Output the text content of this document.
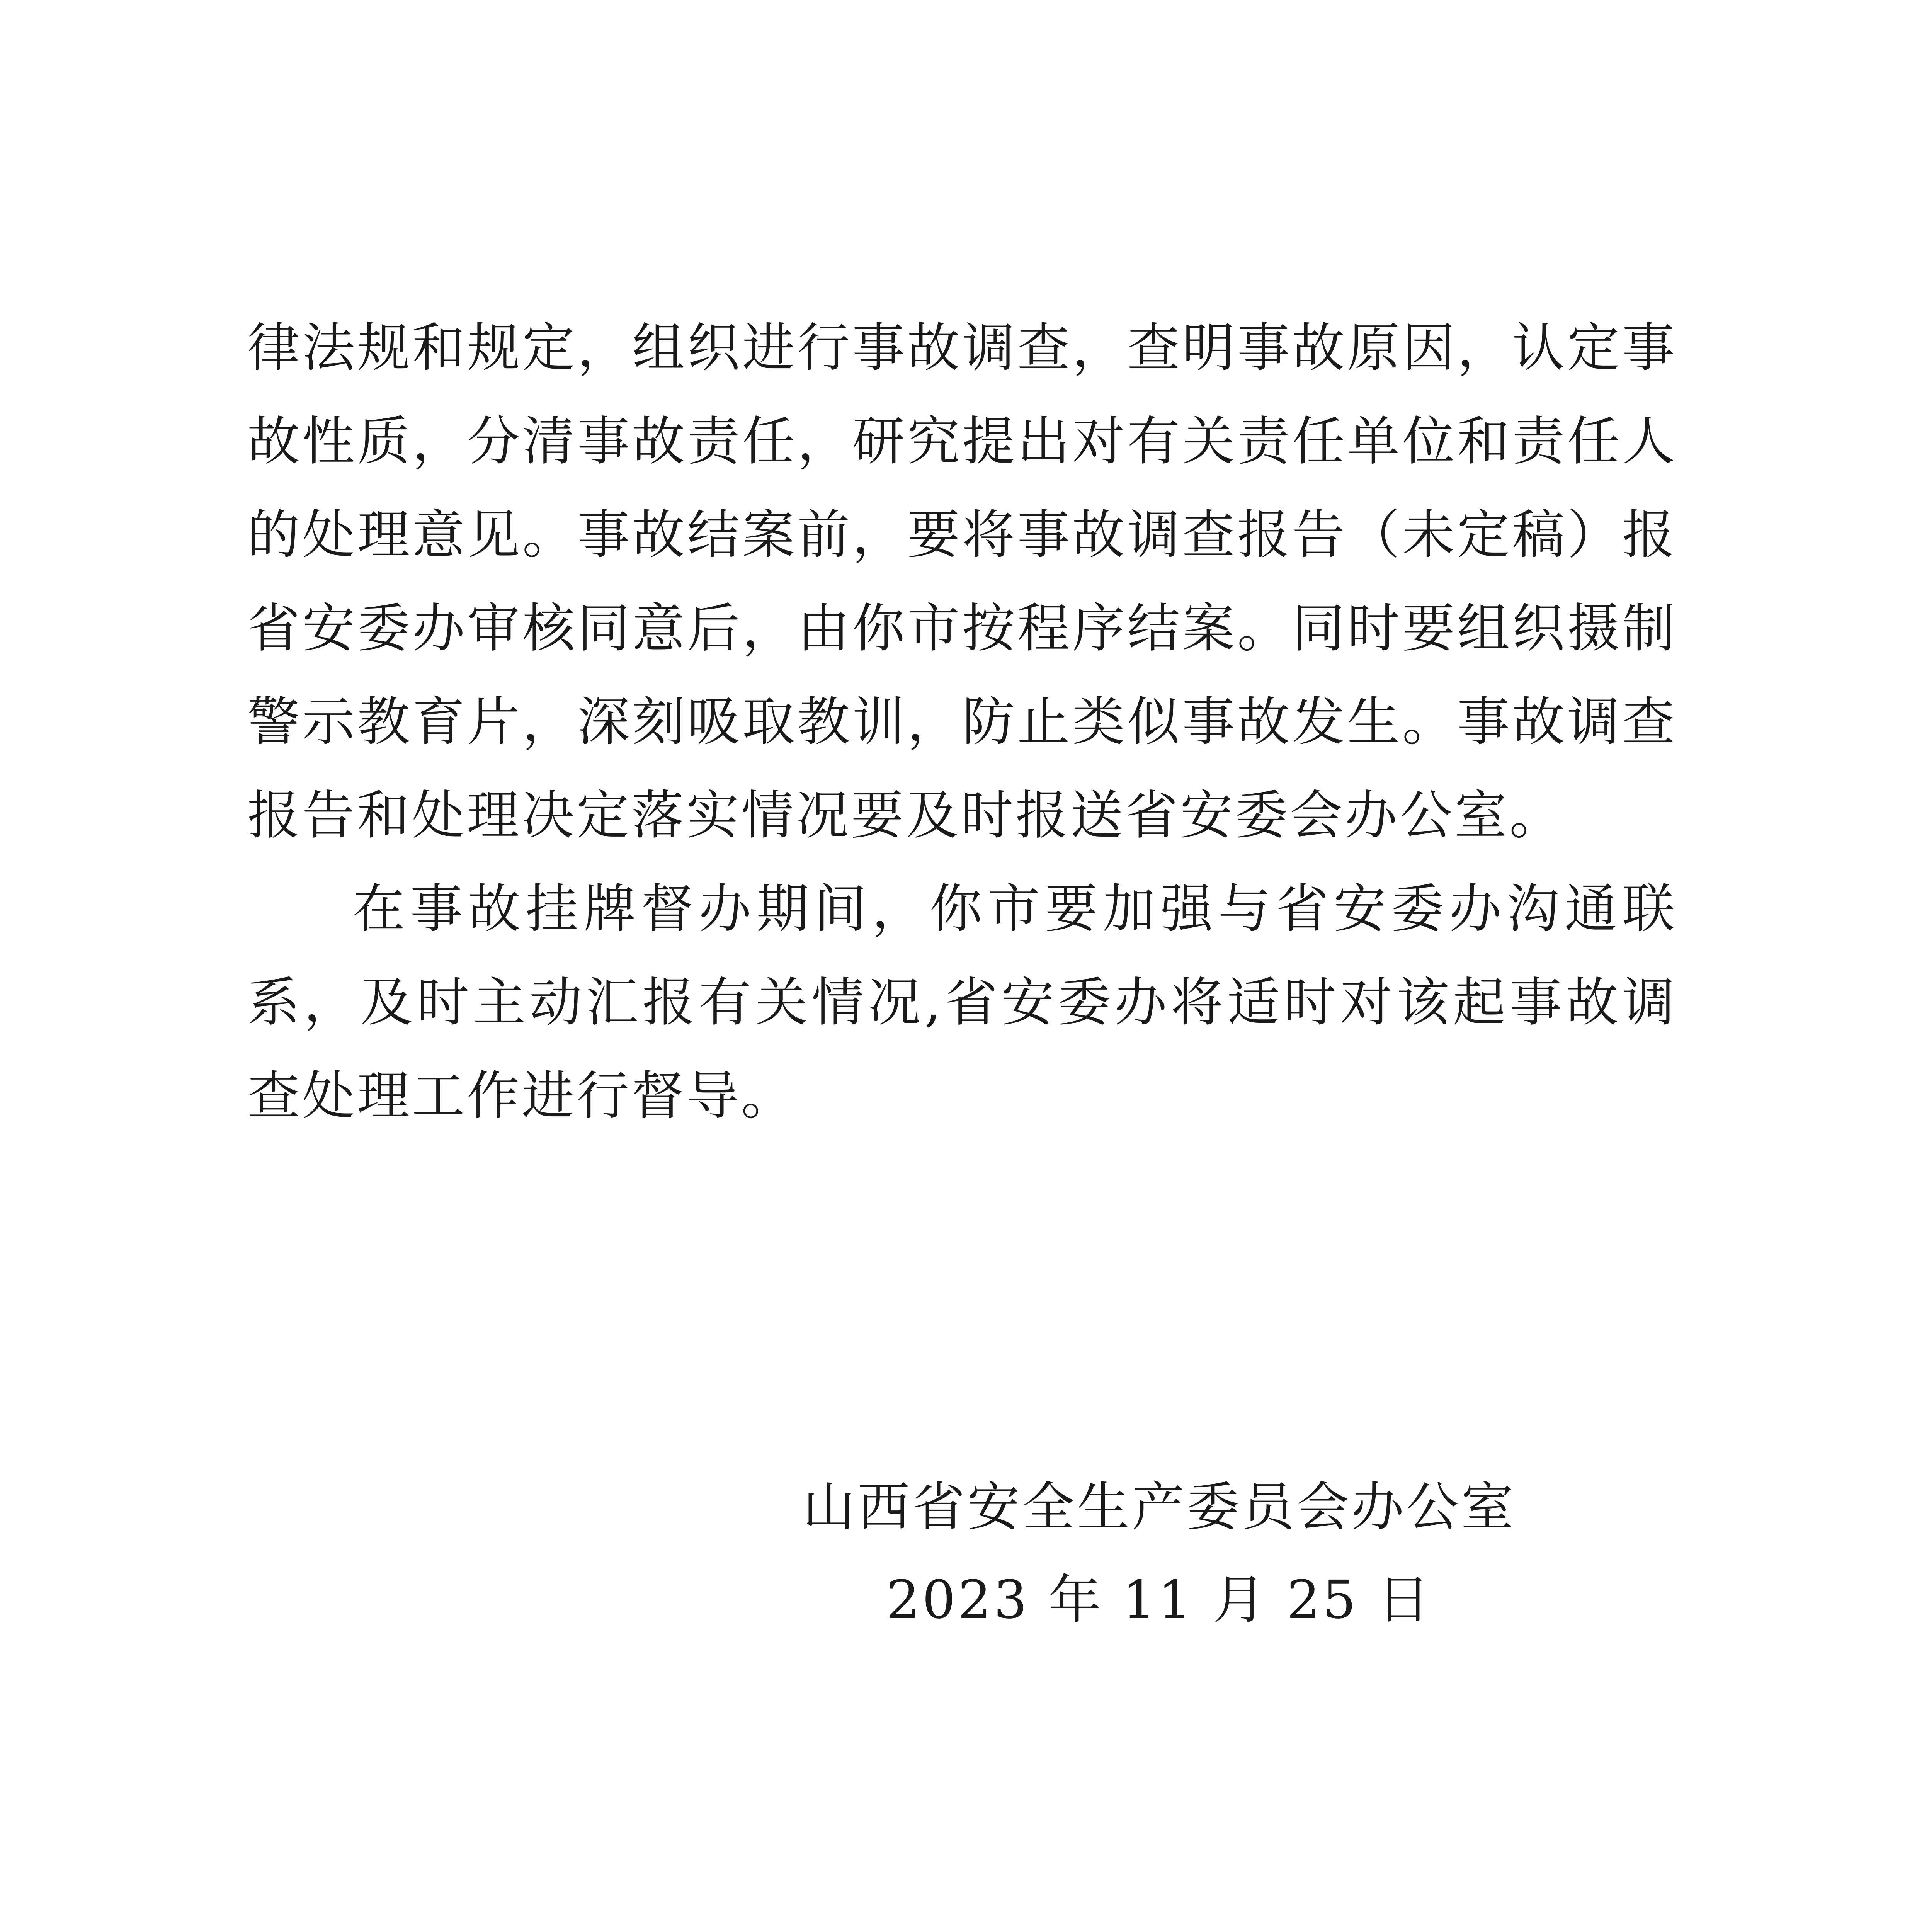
律法规和规定，组织进行事故调查，查明事故原因，认定事故性质，分清事故责任，研究提出对有关责任单位和责任人的处理意见。事故结案前，要将事故调查报告（未定稿）报省安委办审核同意后，由你市按程序结案。同时要组织摄制警示教育片，深刻吸取教训，防止类似事故发生。事故调查报告和处理决定落实情况要及时报送省安委会办公室。

在事故挂牌督办期间，你市要加强与省安委办沟通联系，及时主动汇报有关情况,省安委办将适时对该起事故调查处理工作进行督导。

山西省安全生产委员会办公室
2023 年 11 月 25 日
